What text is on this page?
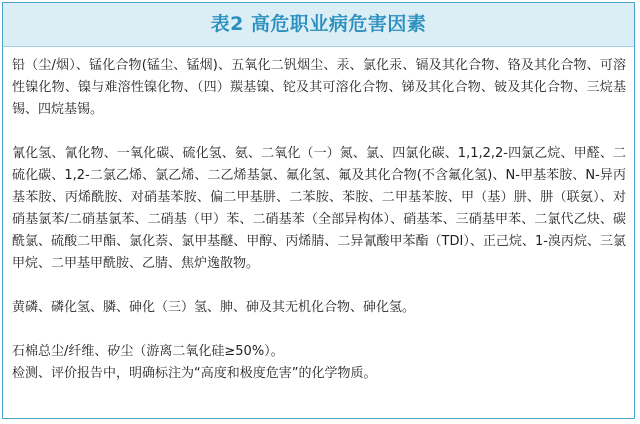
表2 高危职业病危害因素

铅（尘/烟）、锰化合物(锰尘、锰烟)、五氧化二钒烟尘、汞、氯化汞、镉及其化合物、铬及其化合物、可溶性镍化物、镍与难溶性镍化物、（四）羰基镍、铊及其可溶化合物、锑及其化合物、铍及其化合物、三烷基锡、四烷基锡。

氰化氢、氰化物、一氧化碳、硫化氢、氨、二氧化（一）氮、氯、四氯化碳、1,1,2,2-四氯乙烷、甲醛、二硫化碳、1,2-二氯乙烯、氯乙烯、二乙烯基氯、氟化氢、氟及其化合物(不含氟化氢)、N-甲基苯胺、N-异丙基苯胺、丙烯酰胺、对硝基苯胺、偏二甲基肼、二苯胺、苯胺、二甲基苯胺、甲（基）肼、肼（联氨）、对硝基氯苯/二硝基氯苯、二硝基（甲）苯、二硝基苯（全部异构体）、硝基苯、三硝基甲苯、二氯代乙炔、碳酰氯、硫酸二甲酯、氯化萘、氯甲基醚、甲醇、丙烯腈、二异氰酸甲苯酯（TDI）、正己烷、1-溴丙烷、三氯甲烷、二甲基甲酰胺、乙腈、焦炉逸散物。

黄磷、磷化氢、膦、砷化（三）氢、胂、砷及其无机化合物、砷化氢。

石棉总尘/纤维、矽尘（游离二氧化硅≥50%）。

检测、评价报告中，明确标注为“高度和极度危害”的化学物质。
